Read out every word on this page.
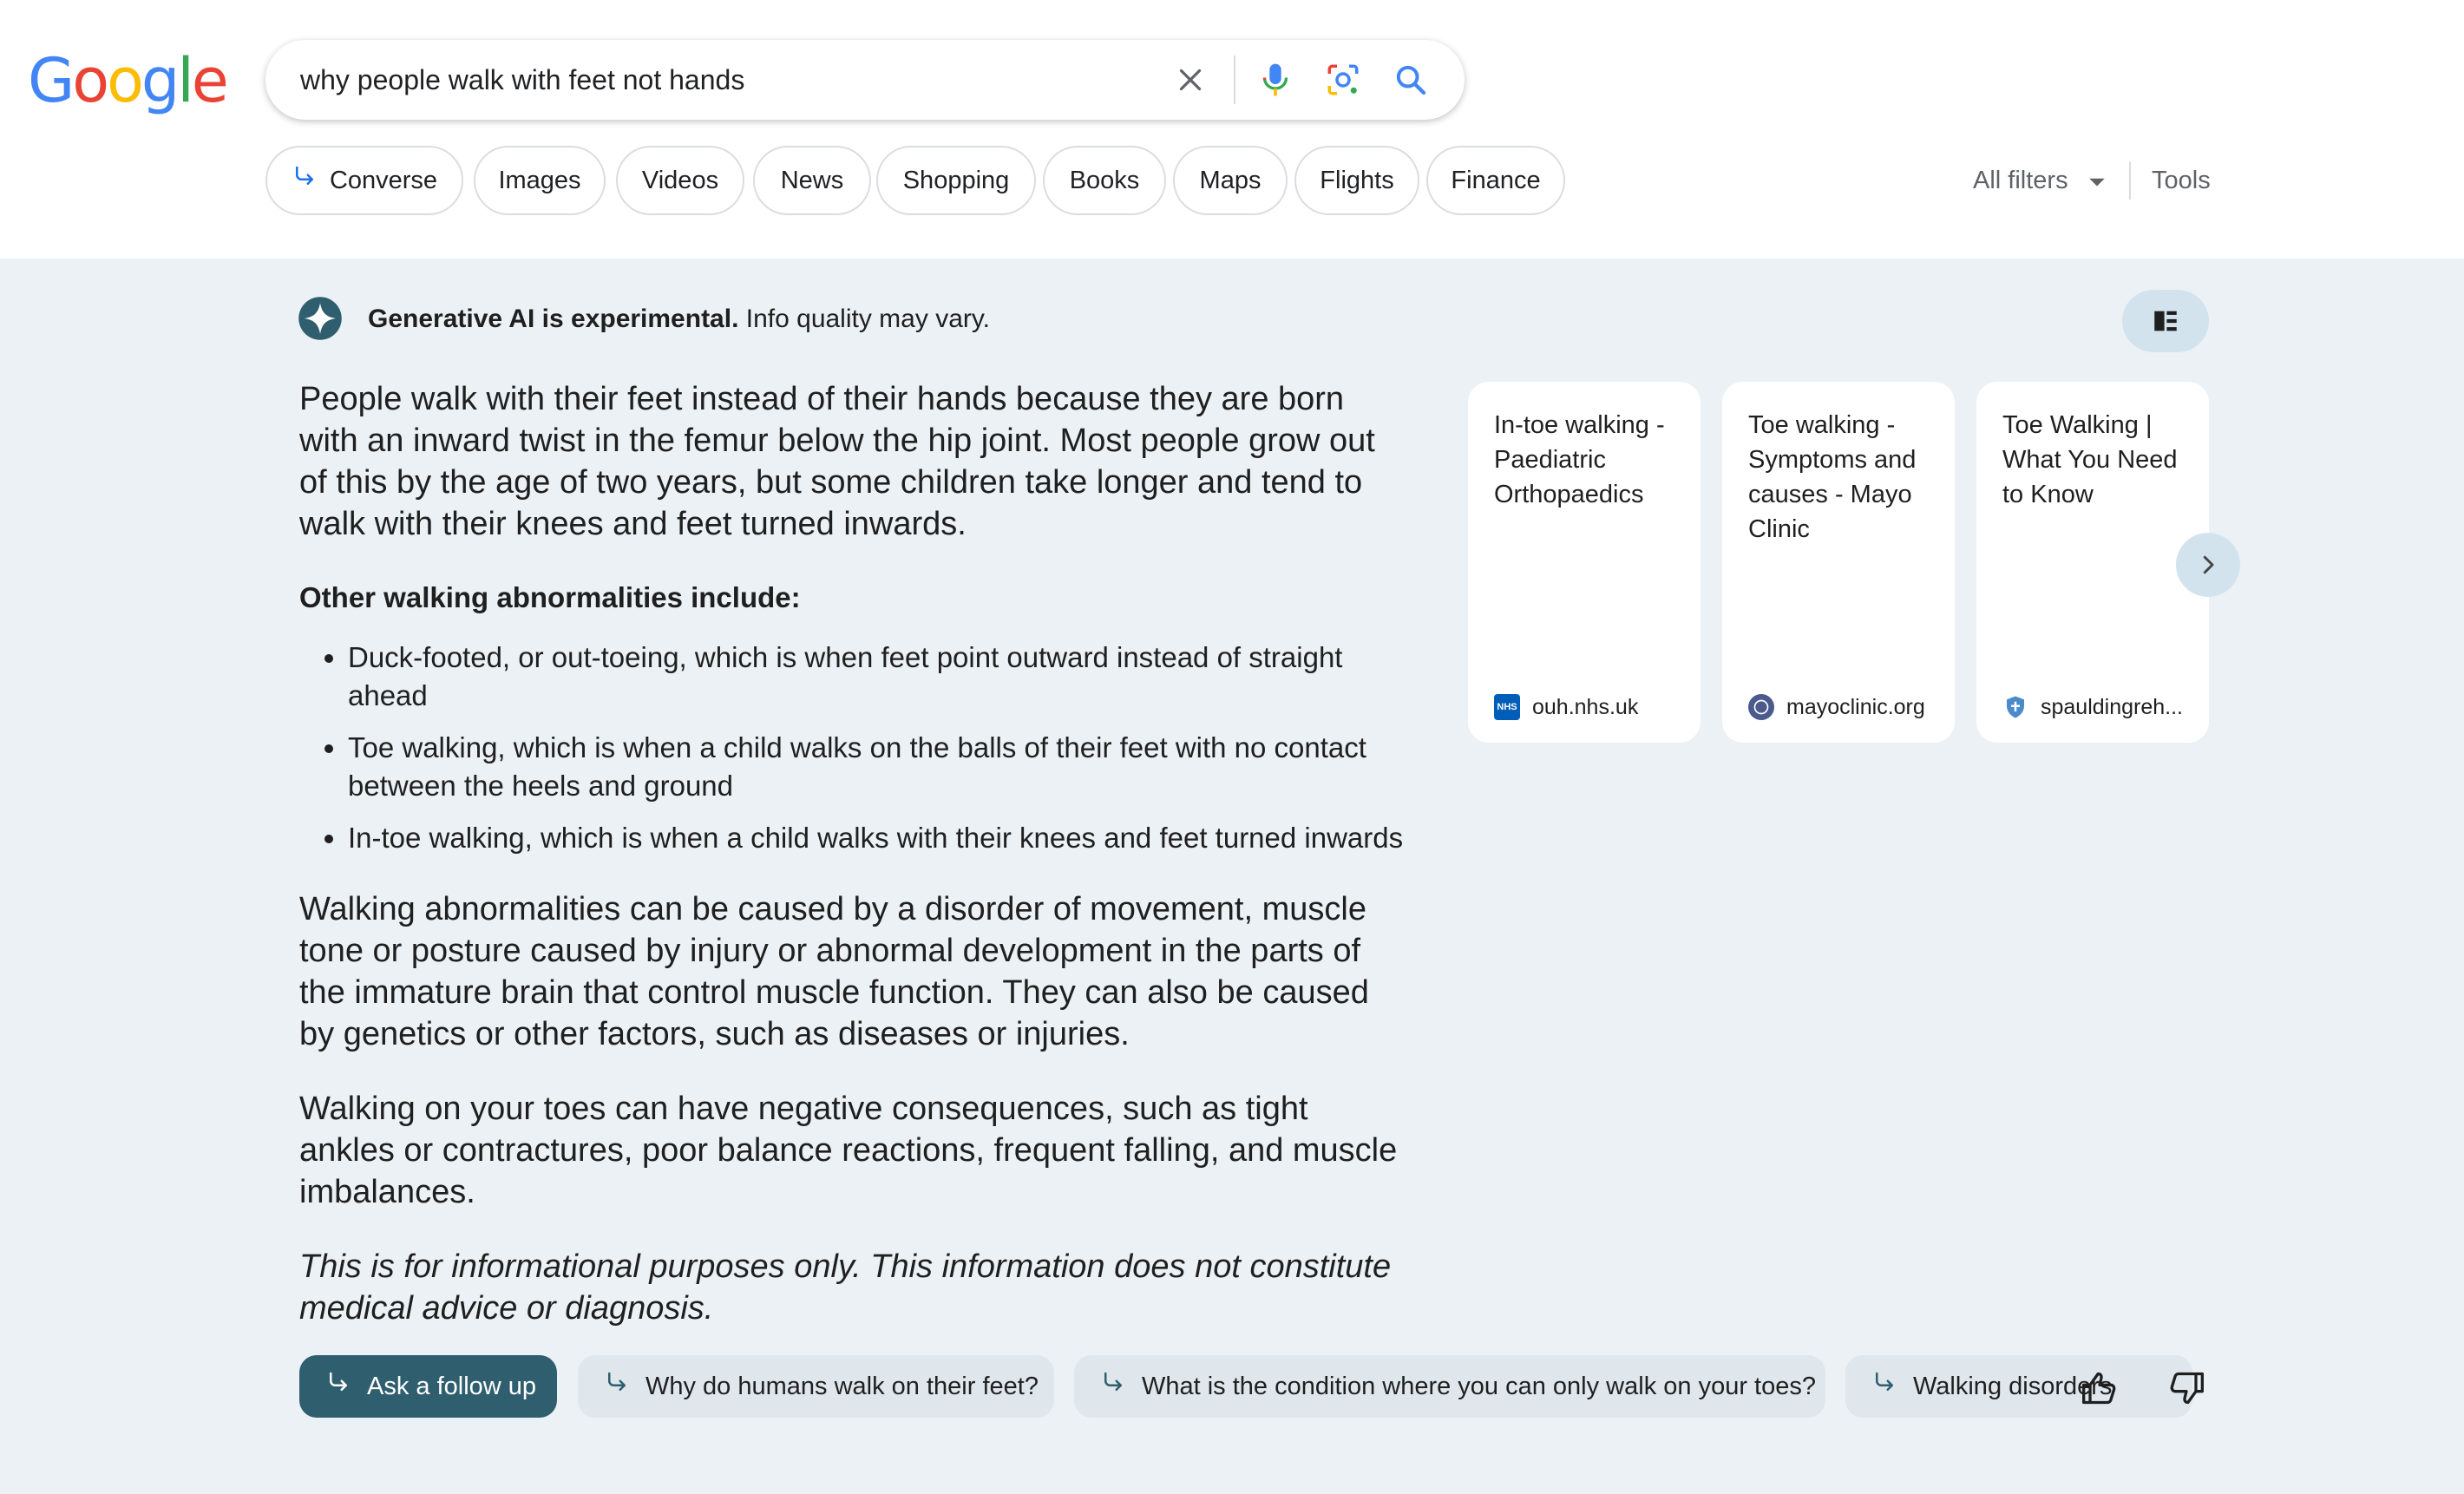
Google	why people walk with feet not hands
Converse	Images	Videos	News	Shopping	Books	Maps	Flights	Finance	All filters	Tools
Generative AI is experimental. Info quality may vary.

People walk with their feet instead of their hands because they are born with an inward twist in the femur below the hip joint. Most people grow out of this by the age of two years, but some children take longer and tend to walk with their knees and feet turned inwards.

Other walking abnormalities include:
• Duck-footed, or out-toeing, which is when feet point outward instead of straight ahead
• Toe walking, which is when a child walks on the balls of their feet with no contact between the heels and ground
• In-toe walking, which is when a child walks with their knees and feet turned inwards

Walking abnormalities can be caused by a disorder of movement, muscle tone or posture caused by injury or abnormal development in the parts of the immature brain that control muscle function. They can also be caused by genetics or other factors, such as diseases or injuries.

Walking on your toes can have negative consequences, such as tight ankles or contractures, poor balance reactions, frequent falling, and muscle imbalances.

This is for informational purposes only. This information does not constitute medical advice or diagnosis.

In-toe walking - Paediatric Orthopaedics
NHS ouh.nhs.uk
Toe walking - Symptoms and causes - Mayo Clinic
mayoclinic.org
Toe Walking | What You Need to Know
spauldingreh...
Ask a follow up	Why do humans walk on their feet?	What is the condition where you can only walk on your toes?	Walking disorders
